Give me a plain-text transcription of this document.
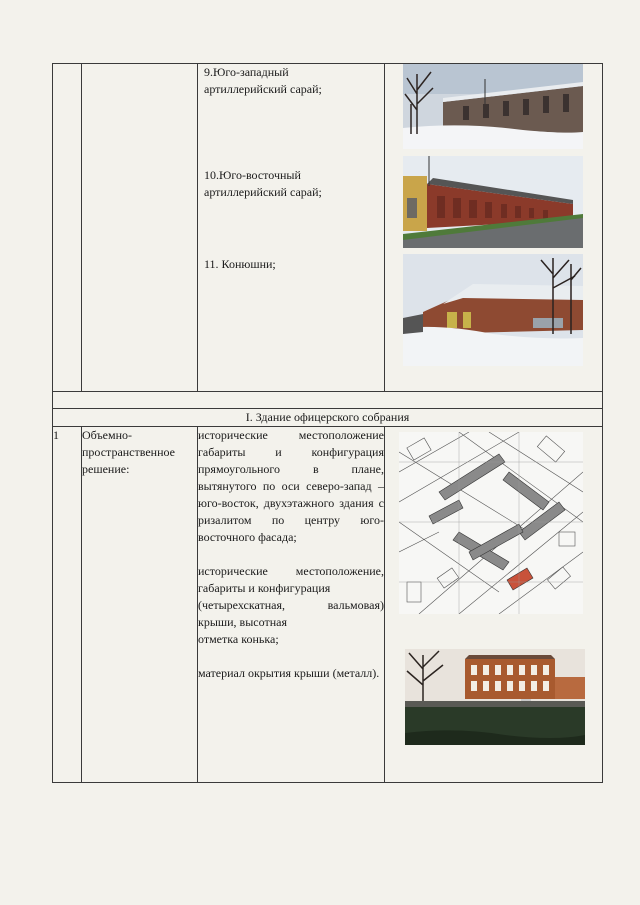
		9.Юго-западный артиллерийский сарай;
10.Юго-восточный артиллерийский сарай;
11. Конюшни;

I. Здание офицерского собрания			
1	Объемно-пространственное решение:	исторические местоположение габариты и конфигурация прямоугольного в плане, вытянутого по оси северо-запад – юго-восток, двухэтажного здания с ризалитом по центру юго-восточного фасада;
исторические местоположение, габариты и конфигурация
(четырехскатная, вальмовая) крыши, высотная
отметка конька;
материал окрытия крыши (металл).
